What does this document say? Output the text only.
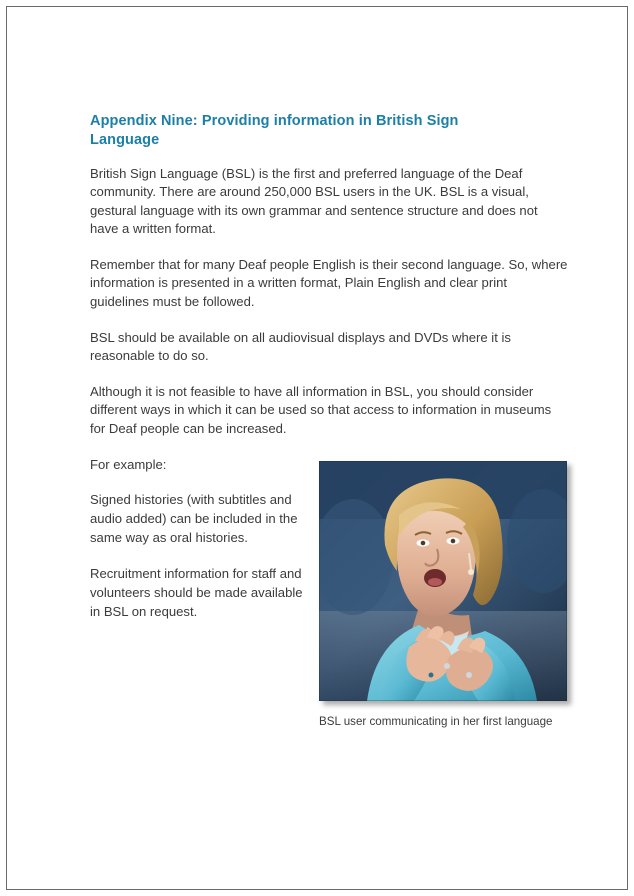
Appendix Nine: Providing information in British Sign Language

British Sign Language (BSL) is the first and preferred language of the Deaf community. There are around 250,000 BSL users in the UK. BSL is a visual, gestural language with its own grammar and sentence structure and does not have a written format.

Remember that for many Deaf people English is their second language. So, where information is presented in a written format, Plain English and clear print guidelines must be followed.

BSL should be available on all audiovisual displays and DVDs where it is reasonable to do so.

Although it is not feasible to have all information in BSL, you should consider different ways in which it can be used so that access to information in museums for Deaf people can be increased.

For example:

Signed histories (with subtitles and audio added) can be included in the same way as oral histories.

Recruitment information for staff and volunteers should be made available in BSL on request.

BSL user communicating in her first language
